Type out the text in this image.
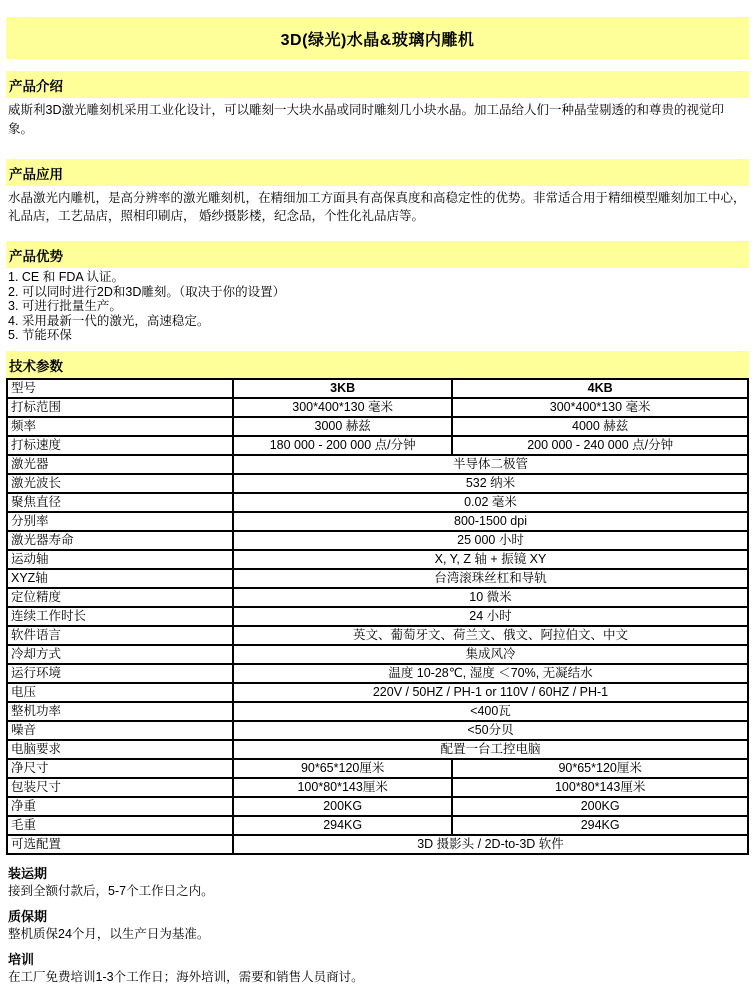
3D(绿光)水晶&玻璃内雕机
产品介绍

威斯利3D激光雕刻机采用工业化设计，可以雕刻一大块水晶或同时雕刻几小块水晶。加工品给人们一种晶莹剔透的和尊贵的视觉印象。

产品应用

水晶激光内雕机，是高分辨率的激光雕刻机，在精细加工方面具有高保真度和高稳定性的优势。非常适合用于精细模型雕刻加工中心，礼品店，工艺品店，照相印刷店， 婚纱摄影楼，纪念品，个性化礼品店等。

产品优势
1. CE 和 FDA 认证。
2. 可以同时进行2D和3D雕刻。（取决于你的设置）
3. 可进行批量生产。
4. 采用最新一代的激光，高速稳定。
5. 节能环保
技术参数
型号	3KB	4KB
打标范围	300*400*130 毫米	300*400*130 毫米
频率	3000 赫兹	4000 赫兹
打标速度	180 000 - 200 000 点/分钟	200 000 - 240 000 点/分钟
激光器	半导体二极管	
激光波长	532 纳米	
聚焦直径	0.02 毫米	
分别率	800-1500 dpi	
激光器寿命	25 000 小时	
运动轴	X, Y, Z 轴 + 振镜 XY	
XYZ轴	台湾滚珠丝杠和导轨	
定位精度	10 微米	
连续工作时长	24 小时	
软件语言	英文、葡萄牙文、荷兰文、俄文、阿拉伯文、中文	
冷却方式	集成风冷	
运行环境	温度 10-28℃, 湿度 ＜70%, 无凝结水	
电压	220V / 50HZ / PH-1 or 110V / 60HZ / PH-1	
整机功率	<400瓦	
噪音	<50分贝	
电脑要求	配置一台工控电脑	
净尺寸	90*65*120厘米	90*65*120厘米
包装尺寸	100*80*143厘米	100*80*143厘米
净重	200KG	200KG
毛重	294KG	294KG
可选配置	3D 摄影头 / 2D-to-3D 软件	
装运期

接到全额付款后，5-7个工作日之内。

质保期

整机质保24个月，以生产日为基准。

培训

在工厂免费培训1-3个工作日；海外培训，需要和销售人员商讨。
